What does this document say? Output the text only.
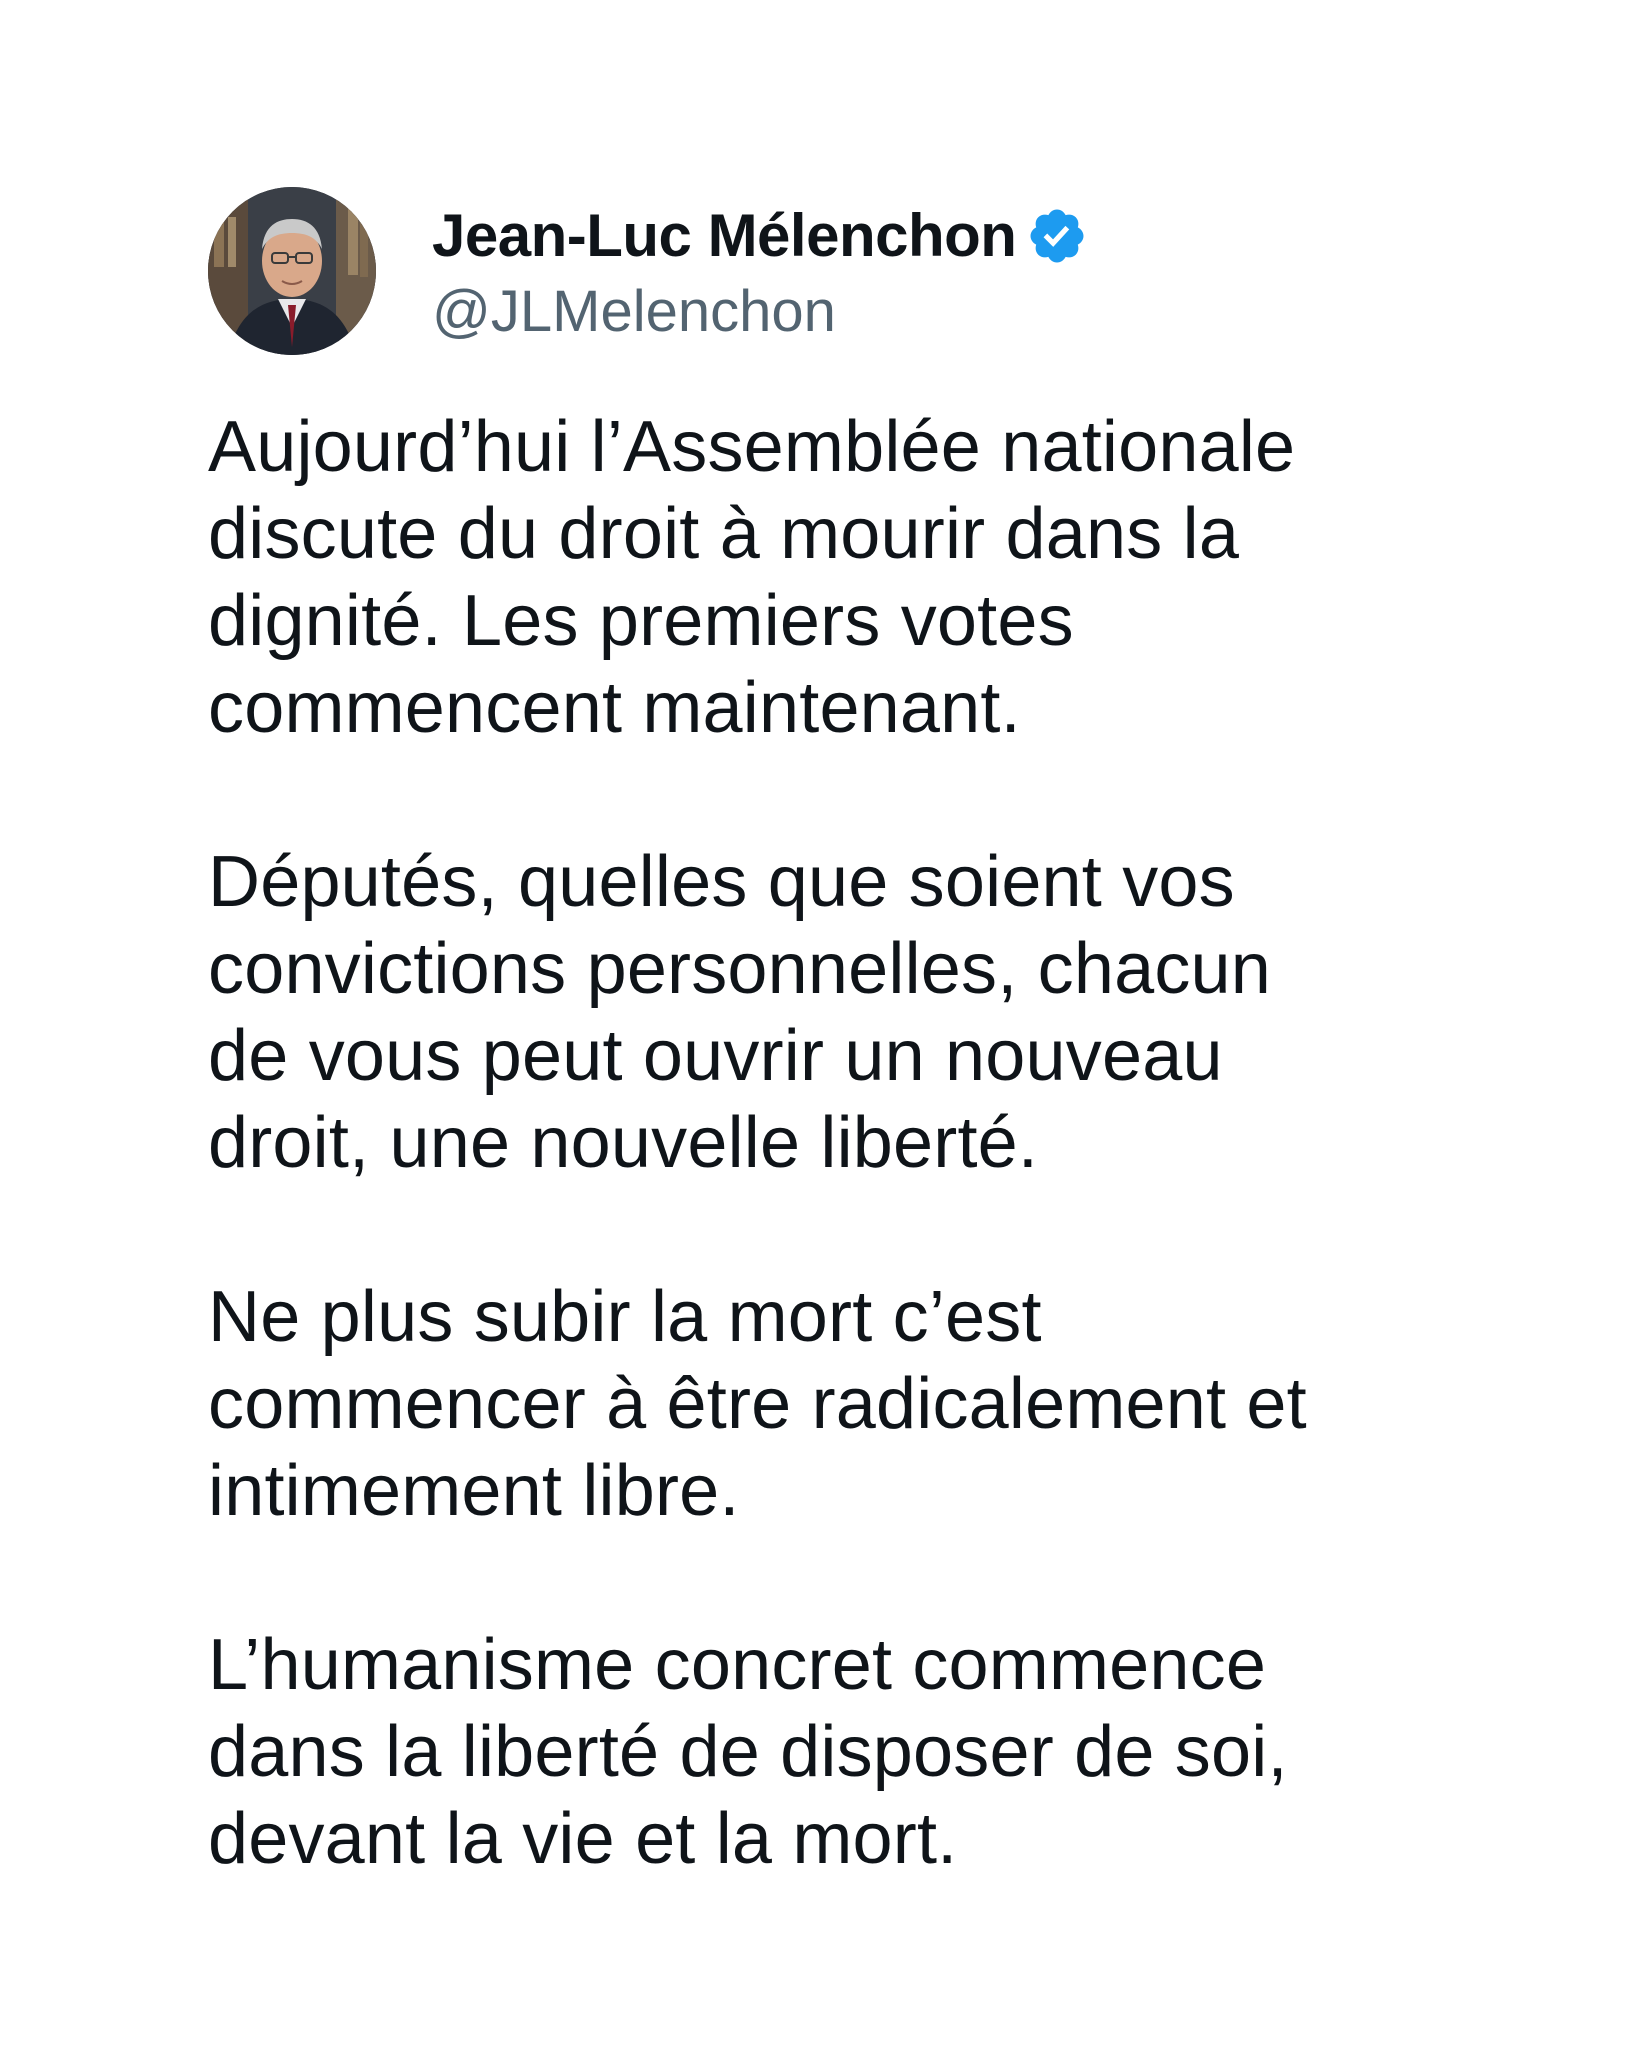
Jean-Luc Mélenchon
@JLMelenchon

Aujourd’hui l’Assemblée nationale
discute du droit à mourir dans la
dignité. Les premiers votes
commencent maintenant.

Députés, quelles que soient vos
convictions personnelles, chacun
de vous peut ouvrir un nouveau
droit, une nouvelle liberté.

Ne plus subir la mort c’est
commencer à être radicalement et
intimement libre.

L’humanisme concret commence
dans la liberté de disposer de soi,
devant la vie et la mort.
